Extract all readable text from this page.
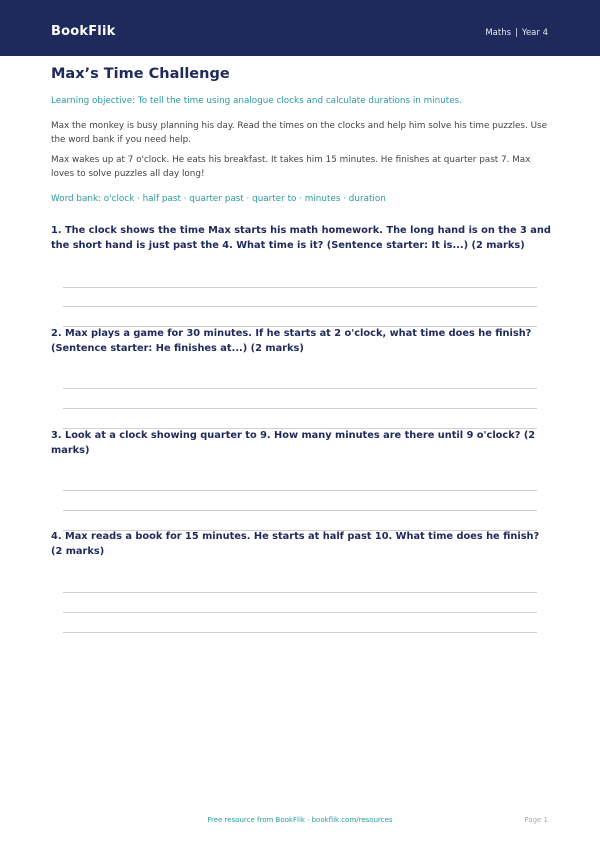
BookFlik	Maths | Year 4
Max’s Time Challenge
Learning objective: To tell the time using analogue clocks and calculate durations in minutes.
Max the monkey is busy planning his day. Read the times on the clocks and help him solve his time puzzles. Use the word bank if you need help.
Max wakes up at 7 o'clock. He eats his breakfast. It takes him 15 minutes. He finishes at quarter past 7. Max loves to solve puzzles all day long!
Word bank: o'clock · half past · quarter past · quarter to · minutes · duration
1. The clock shows the time Max starts his math homework. The long hand is on the 3 and the short hand is just past the 4. What time is it? (Sentence starter: It is...) (2 marks)
2. Max plays a game for 30 minutes. If he starts at 2 o'clock, what time does he finish? (Sentence starter: He finishes at...) (2 marks)
3. Look at a clock showing quarter to 9. How many minutes are there until 9 o'clock? (2 marks)
4. Max reads a book for 15 minutes. He starts at half past 10. What time does he finish? (2 marks)
Free resource from BookFlik · bookflik.com/resources	Page 1
